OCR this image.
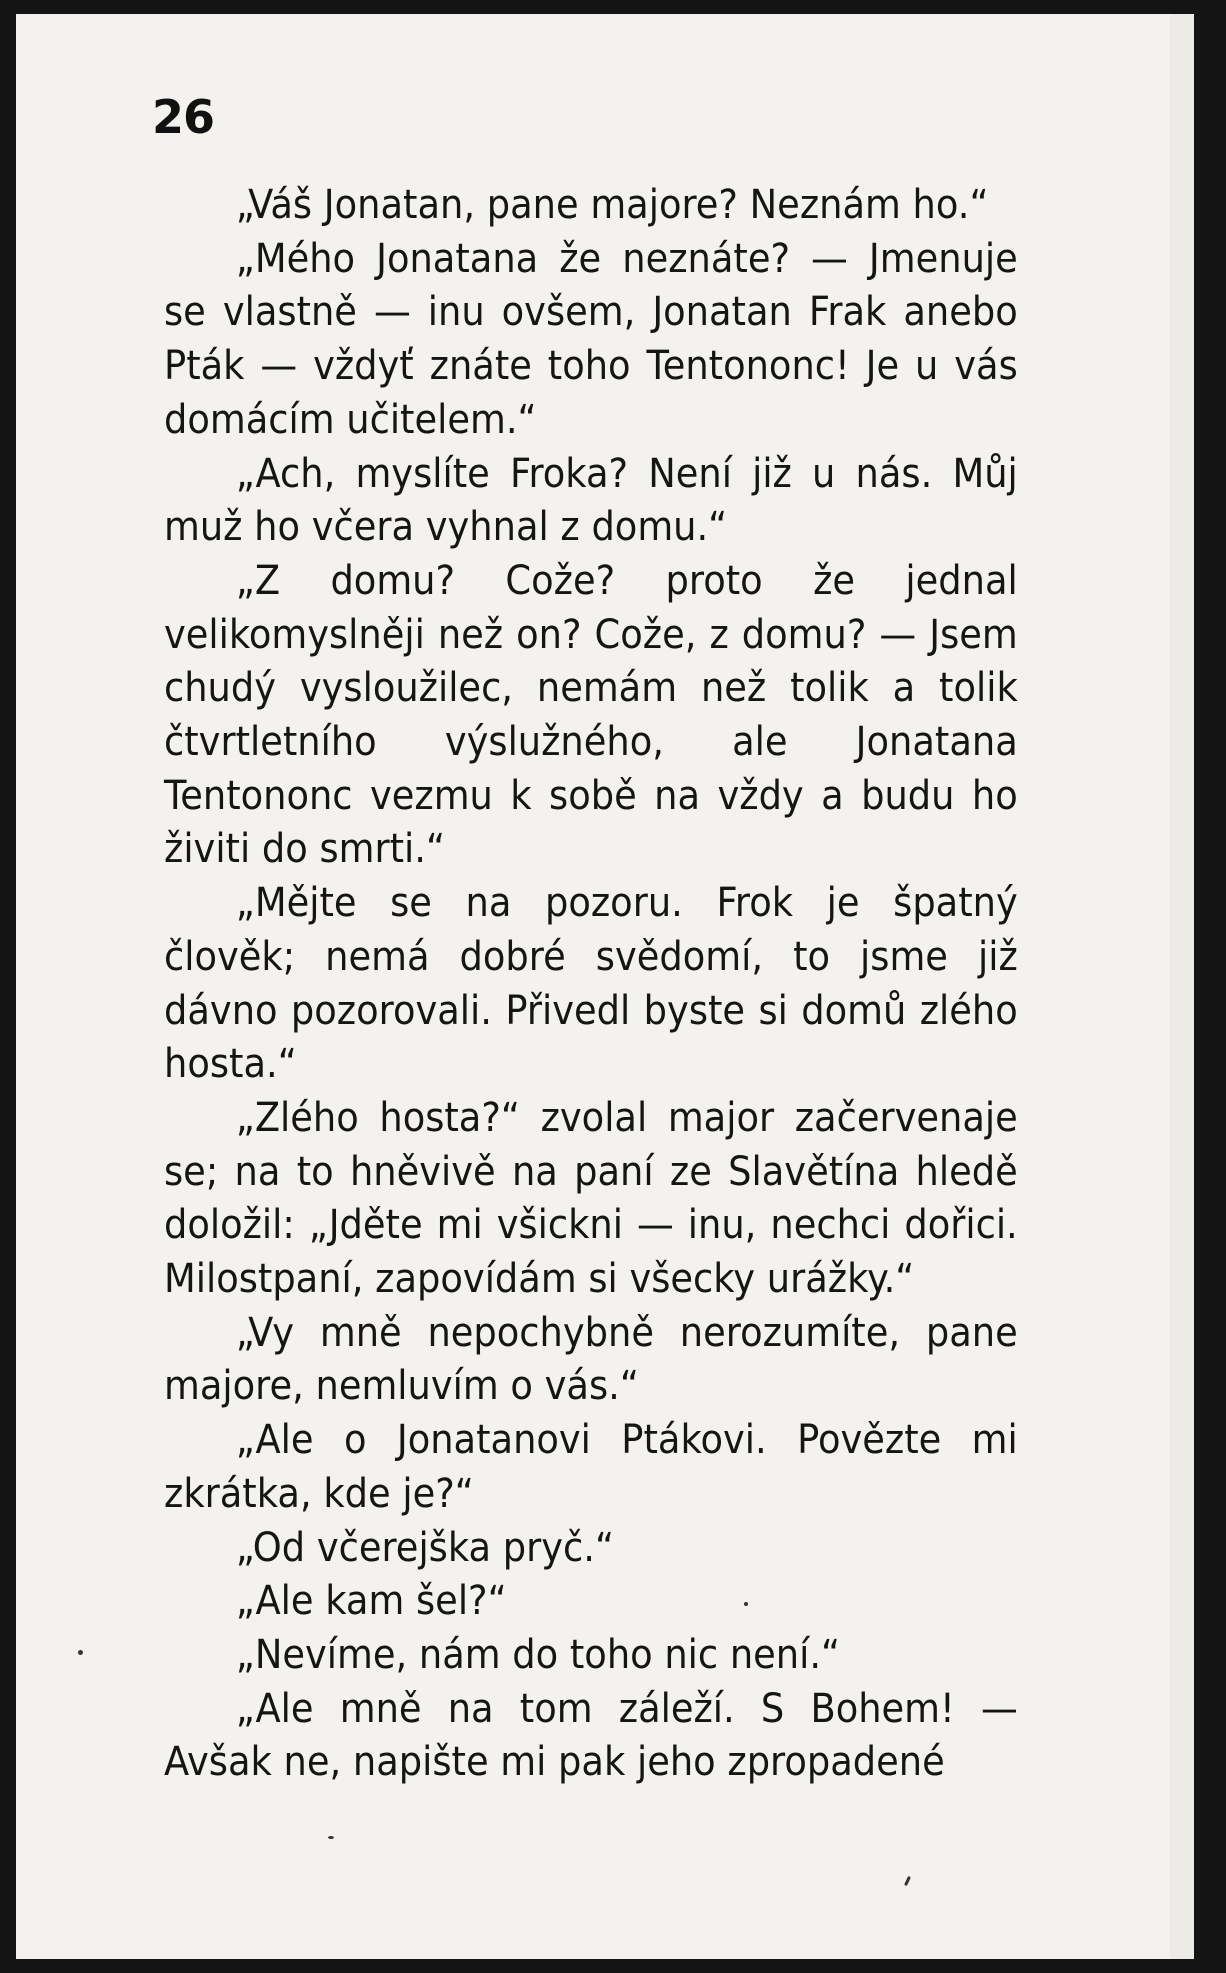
26

„Váš Jonatan, pane majore? Neznám ho.“

„Mého Jonatana že neznáte? — Jmenuje se vlastně — inu ovšem, Jonatan Frak anebo Pták — vždyť znáte toho Tentononc! Je u vás domácím učitelem.“

„Ach, myslíte Froka? Není již u nás. Můj muž ho včera vyhnal z domu.“

„Z domu? Cože? proto že jednal velikomyslněji než on? Cože, z domu? — Jsem chudý vysloužilec, nemám než tolik a tolik čtvrtletního výslužného, ale Jonatana Tentononc vezmu k sobě na vždy a budu ho živiti do smrti.“

„Mějte se na pozoru. Frok je špatný člověk; nemá dobré svědomí, to jsme již dávno pozorovali. Přivedl byste si domů zlého hosta.“

„Zlého hosta?“ zvolal major začervenaje se; na to hněvivě na paní ze Slavětína hledě doložil: „Jděte mi všickni — inu, nechci dořici. Milostpaní, zapovídám si všecky urážky.“

„Vy mně nepochybně nerozumíte, pane majore, nemluvím o vás.“

„Ale o Jonatanovi Ptákovi. Povězte mi zkrátka, kde je?“

„Od včerejška pryč.“

„Ale kam šel?“

„Nevíme, nám do toho nic není.“

„Ale mně na tom záleží. S Bohem! — Avšak ne, napište mi pak jeho zpropadené
